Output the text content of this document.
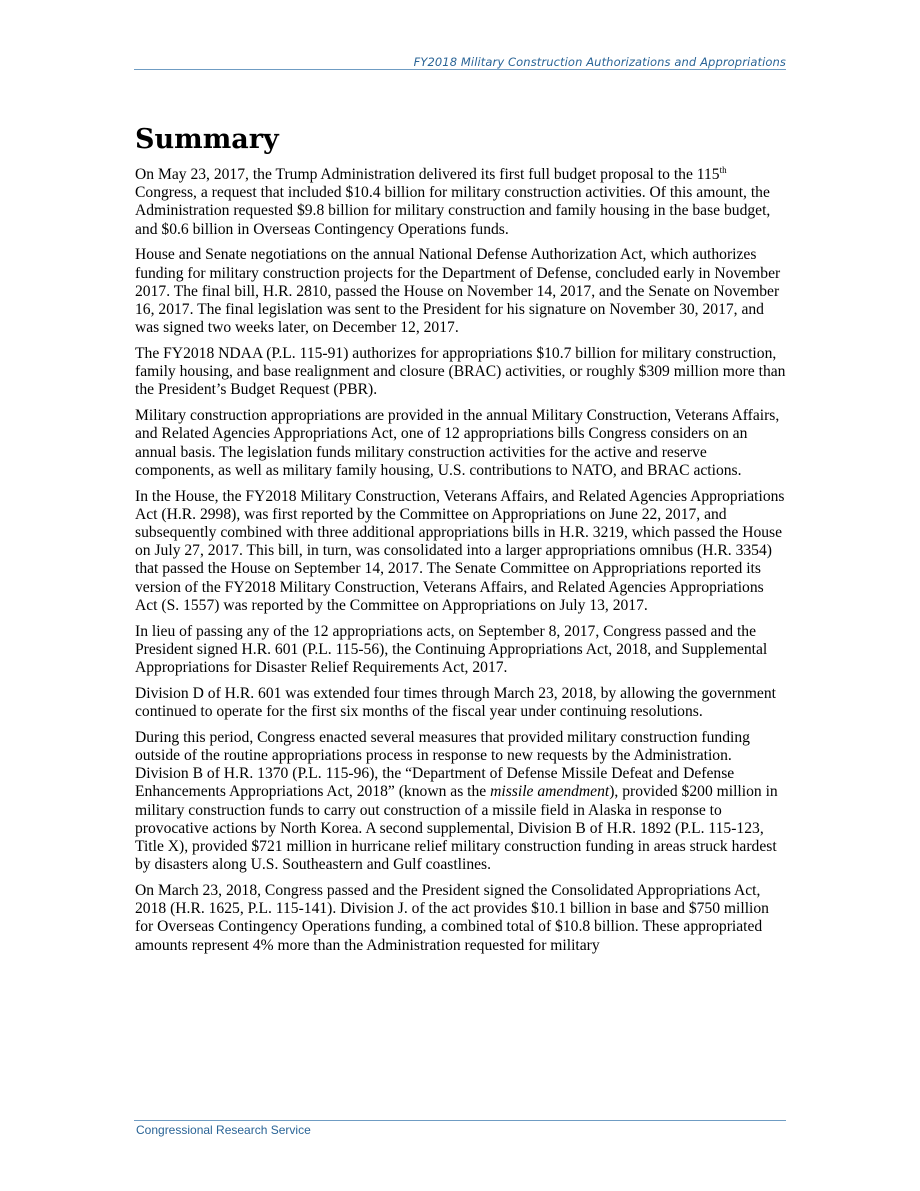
FY2018 Military Construction Authorizations and Appropriations
Summary

On May 23, 2017, the Trump Administration delivered its first full budget proposal to the 115th Congress, a request that included $10.4 billion for military construction activities. Of this amount, the Administration requested $9.8 billion for military construction and family housing in the base budget, and $0.6 billion in Overseas Contingency Operations funds.

House and Senate negotiations on the annual National Defense Authorization Act, which authorizes funding for military construction projects for the Department of Defense, concluded early in November 2017. The final bill, H.R. 2810, passed the House on November 14, 2017, and the Senate on November 16, 2017. The final legislation was sent to the President for his signature on November 30, 2017, and was signed two weeks later, on December 12, 2017.

The FY2018 NDAA (P.L. 115-91) authorizes for appropriations $10.7 billion for military construction, family housing, and base realignment and closure (BRAC) activities, or roughly $309 million more than the President’s Budget Request (PBR).

Military construction appropriations are provided in the annual Military Construction, Veterans Affairs, and Related Agencies Appropriations Act, one of 12 appropriations bills Congress considers on an annual basis. The legislation funds military construction activities for the active and reserve components, as well as military family housing, U.S. contributions to NATO, and BRAC actions.

In the House, the FY2018 Military Construction, Veterans Affairs, and Related Agencies Appropriations Act (H.R. 2998), was first reported by the Committee on Appropriations on June 22, 2017, and subsequently combined with three additional appropriations bills in H.R. 3219, which passed the House on July 27, 2017. This bill, in turn, was consolidated into a larger appropriations omnibus (H.R. 3354) that passed the House on September 14, 2017. The Senate Committee on Appropriations reported its version of the FY2018 Military Construction, Veterans Affairs, and Related Agencies Appropriations Act (S. 1557) was reported by the Committee on Appropriations on July 13, 2017.

In lieu of passing any of the 12 appropriations acts, on September 8, 2017, Congress passed and the President signed H.R. 601 (P.L. 115-56), the Continuing Appropriations Act, 2018, and Supplemental Appropriations for Disaster Relief Requirements Act, 2017.

Division D of H.R. 601 was extended four times through March 23, 2018, by allowing the government continued to operate for the first six months of the fiscal year under continuing resolutions.

During this period, Congress enacted several measures that provided military construction funding outside of the routine appropriations process in response to new requests by the Administration. Division B of H.R. 1370 (P.L. 115-96), the “Department of Defense Missile Defeat and Defense Enhancements Appropriations Act, 2018” (known as the missile amendment), provided $200 million in military construction funds to carry out construction of a missile field in Alaska in response to provocative actions by North Korea. A second supplemental, Division B of H.R. 1892 (P.L. 115-123, Title X), provided $721 million in hurricane relief military construction funding in areas struck hardest by disasters along U.S. Southeastern and Gulf coastlines.

On March 23, 2018, Congress passed and the President signed the Consolidated Appropriations Act, 2018 (H.R. 1625, P.L. 115-141). Division J. of the act provides $10.1 billion in base and $750 million for Overseas Contingency Operations funding, a combined total of $10.8 billion. These appropriated amounts represent 4% more than the Administration requested for military

Congressional Research Service
